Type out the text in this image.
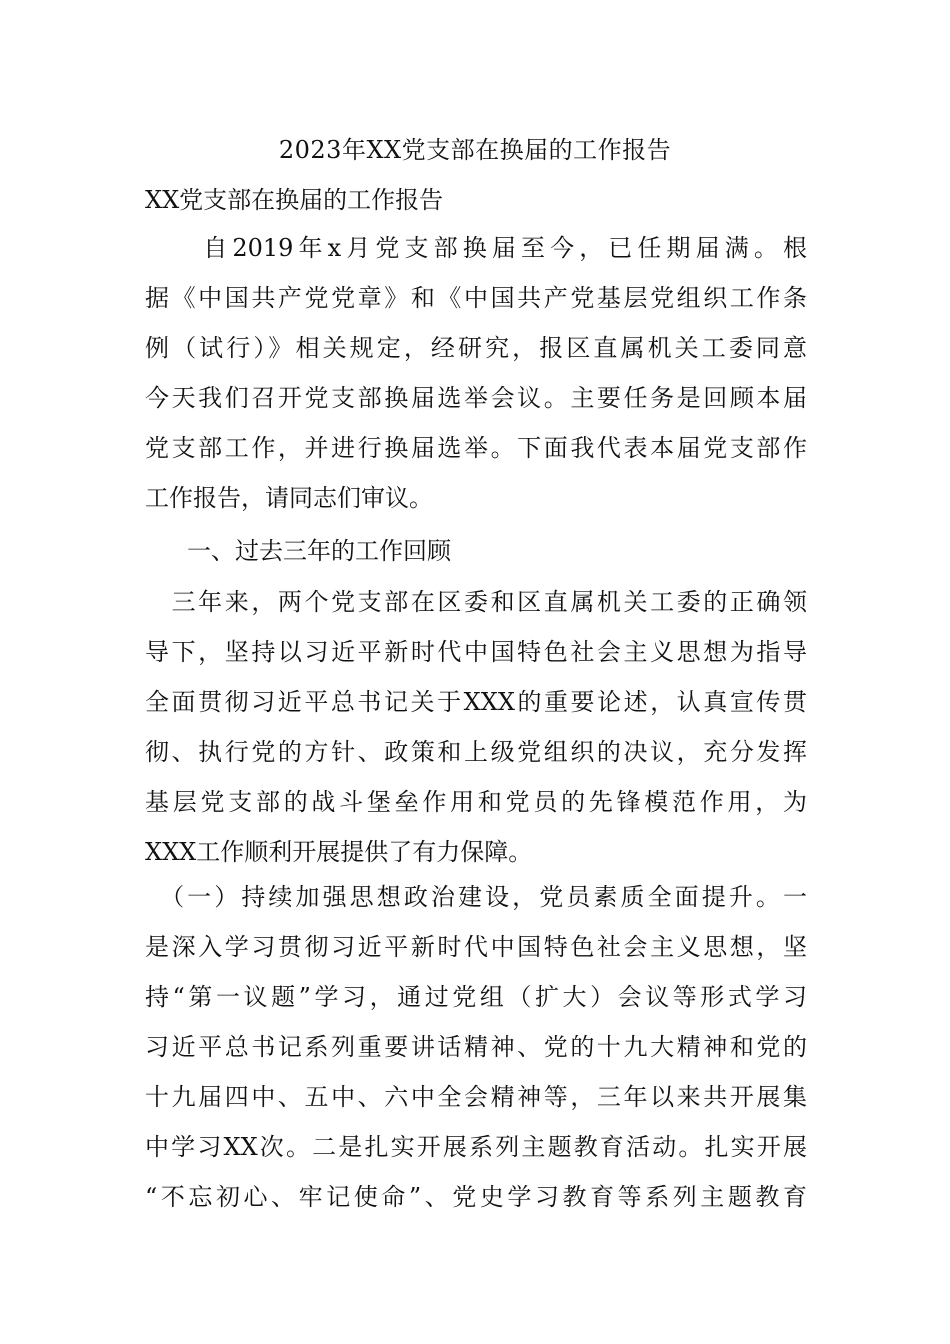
2023年XX党支部在换届的工作报告
XX党支部在换届的工作报告
　　自2019年x月党支部换届至今，已任期届满。根
据《中国共产党党章》和《中国共产党基层党组织工作条
例（试行）》相关规定，经研究，报区直属机关工委同意
今天我们召开党支部换届选举会议。主要任务是回顾本届
党支部工作，并进行换届选举。下面我代表本届党支部作
工作报告，请同志们审议。
一、过去三年的工作回顾
　三年来，两个党支部在区委和区直属机关工委的正确领
导下，坚持以习近平新时代中国特色社会主义思想为指导
全面贯彻习近平总书记关于XXX的重要论述，认真宣传贯
彻、执行党的方针、政策和上级党组织的决议，充分发挥
基层党支部的战斗堡垒作用和党员的先锋模范作用，为
XXX工作顺利开展提供了有力保障。
　（一）持续加强思想政治建设，党员素质全面提升。一
是深入学习贯彻习近平新时代中国特色社会主义思想，坚
持“第一议题”学习，通过党组（扩大）会议等形式学习
习近平总书记系列重要讲话精神、党的十九大精神和党的
十九届四中、五中、六中全会精神等，三年以来共开展集
中学习XX次。二是扎实开展系列主题教育活动。扎实开展
“不忘初心、牢记使命”、党史学习教育等系列主题教育
